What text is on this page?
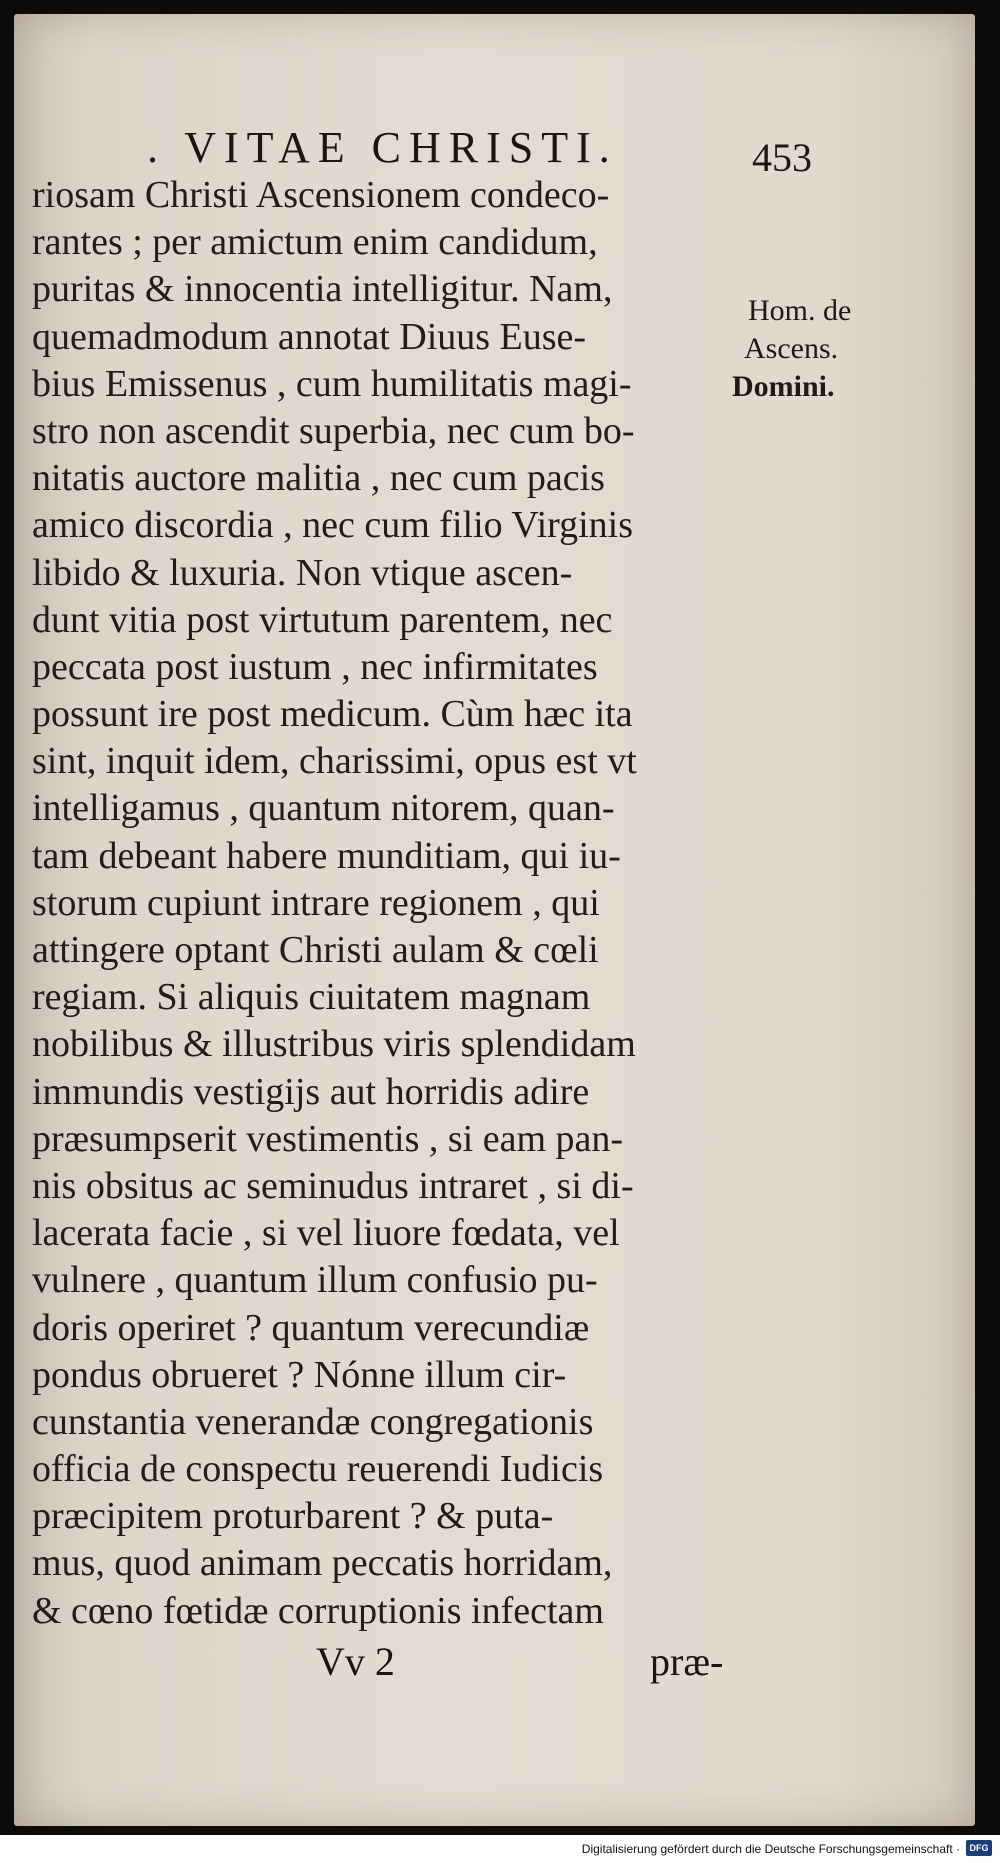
. VITAE CHRISTI.	453
riosam Christi Ascensionem condeco-
rantes ; per amictum enim candidum,
puritas & innocentia intelligitur. Nam,
quemadmodum annotat Diuus Euse-
bius Emissenus , cum humilitatis magi-
stro non ascendit superbia, nec cum bo-
nitatis auctore malitia , nec cum pacis
amico discordia , nec cum filio Virginis
libido & luxuria. Non vtique ascen-
dunt vitia post virtutum parentem, nec
peccata post iustum , nec infirmitates
possunt ire post medicum. Cùm hæc ita
sint, inquit idem, charissimi, opus est vt
intelligamus , quantum nitorem, quan-
tam debeant habere munditiam, qui iu-
storum cupiunt intrare regionem , qui
attingere optant Christi aulam & cœli
regiam. Si aliquis ciuitatem magnam
nobilibus & illustribus viris splendidam
immundis vestigijs aut horridis adire
præsumpserit vestimentis , si eam pan-
nis obsitus ac seminudus intraret , si di-
lacerata facie , si vel liuore fœdata, vel
vulnere , quantum illum confusio pu-
doris operiret ? quantum verecundiæ
pondus obrueret ? Nónne illum cir-
cunstantia venerandæ congregationis
officia de conspectu reuerendi Iudicis
præcipitem proturbarent ? & puta-
mus, quod animam peccatis horridam,
& cœno fœtidæ corruptionis infectam
Hom. de
Ascens.
Domini.
Vv 2	præ-
Digitalisierung gefördert durch die Deutsche Forschungsgemeinschaft ·	DFG
